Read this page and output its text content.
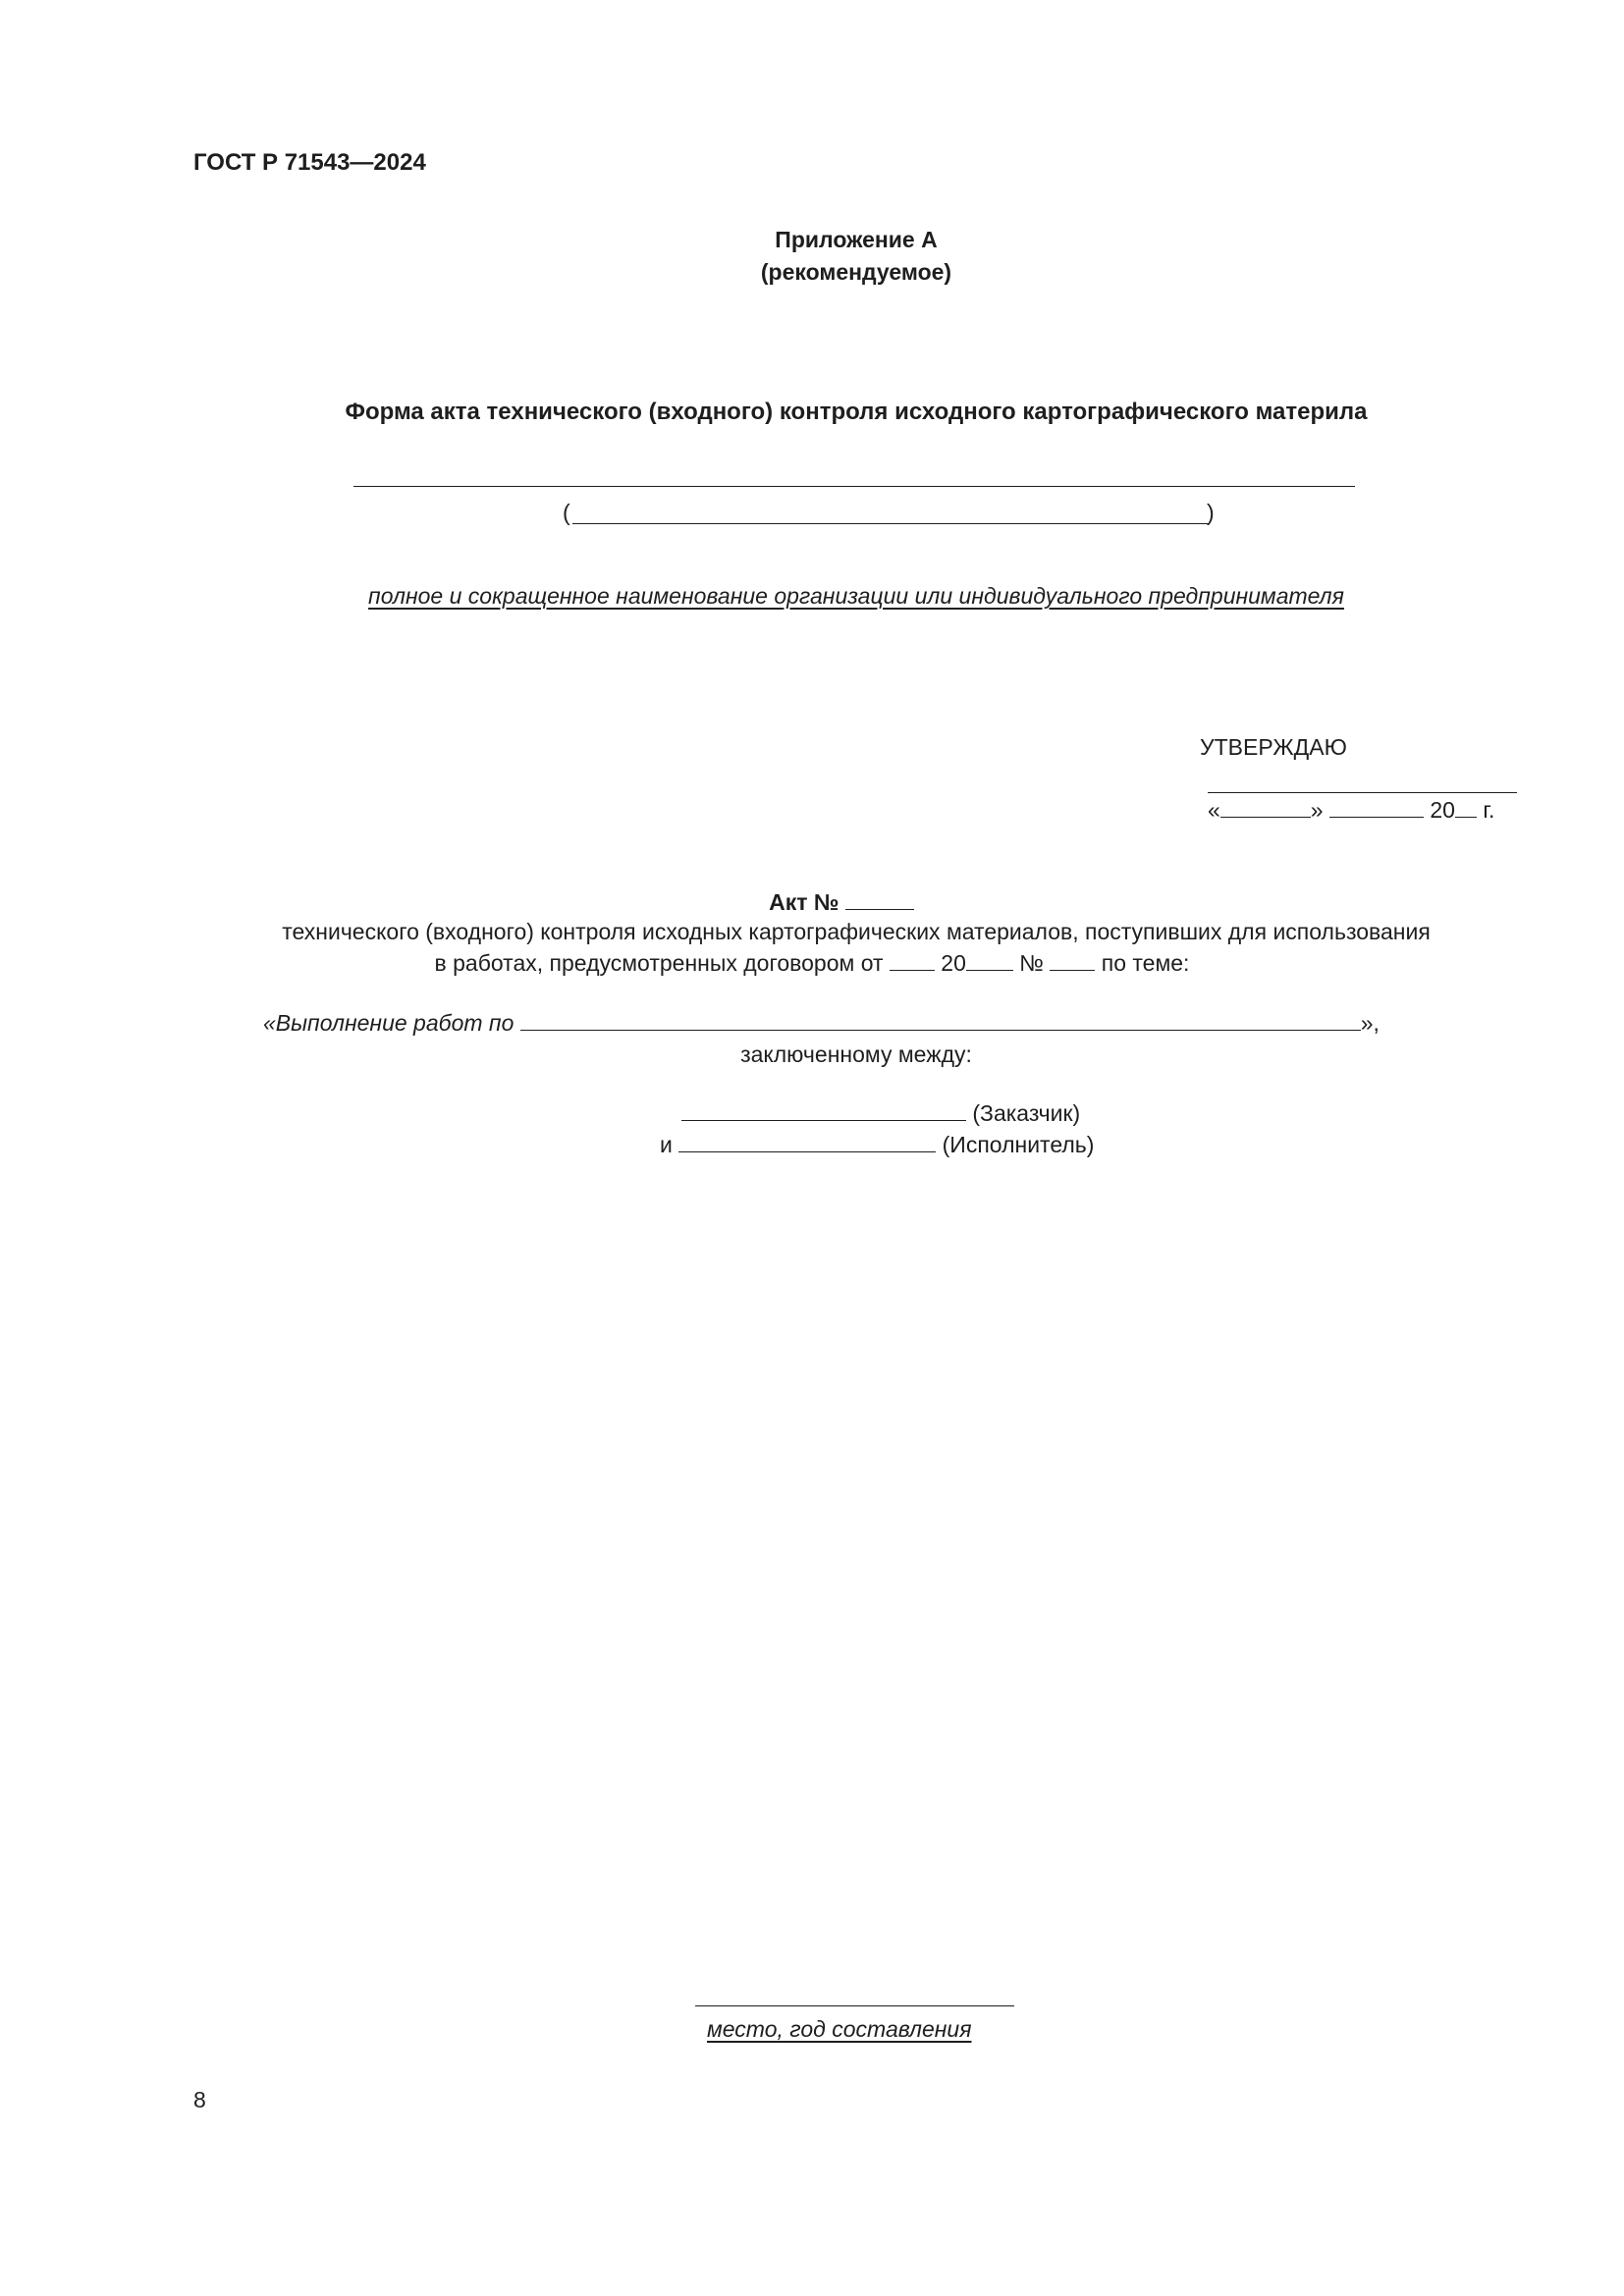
ГОСТ Р 71543—2024
Приложение А
(рекомендуемое)
Форма акта технического (входного) контроля исходного картографического материла
(	)
полное и сокращенное наименование организации или индивидуального предпринимателя
УТВЕРЖДАЮ
«	»	20 г.
Акт №
технического (входного) контроля исходных картографических материалов, поступивших для использования
в работах, предусмотренных договором от	20 №	по теме:
«Выполнение работ по	»,
заключенному между:
(Заказчик)
и	(Исполнитель)
место, год составления
8
